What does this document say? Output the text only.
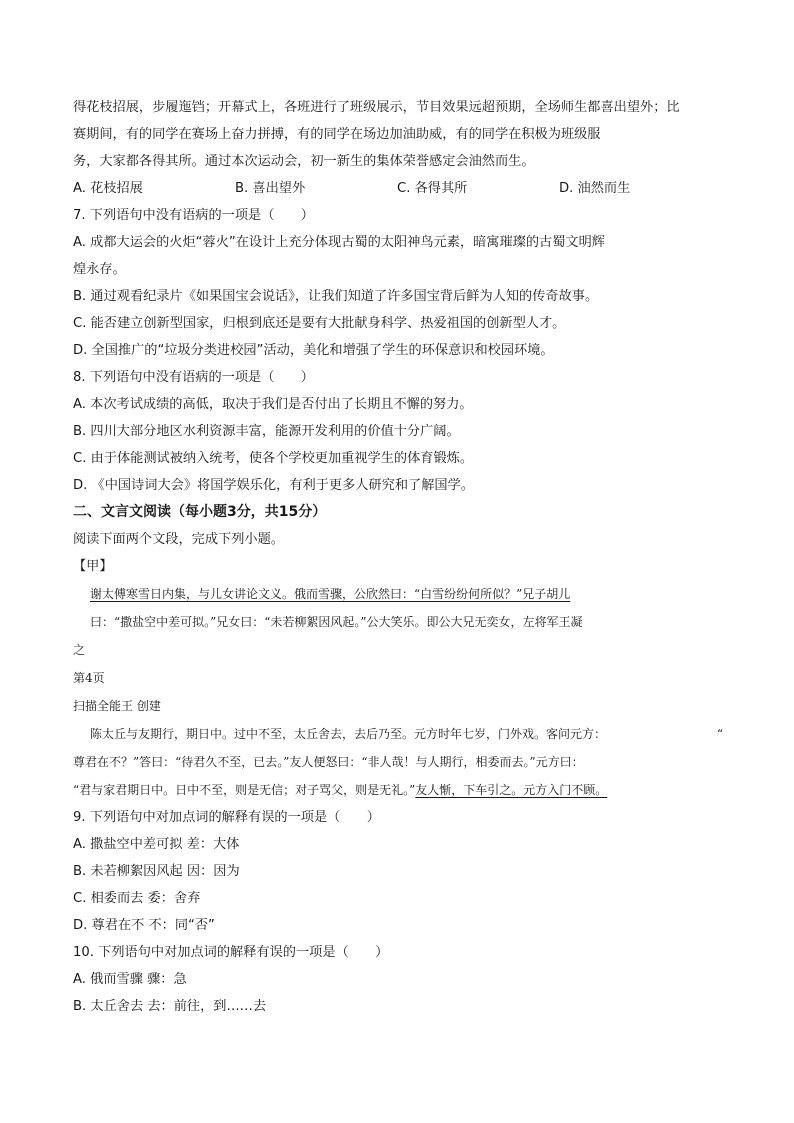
得花枝招展，步履迤铛；开幕式上，各班进行了班级展示，节目效果远超预期，全场师生都喜出望外；比
赛期间，有的同学在赛场上奋力拼搏，有的同学在场边加油助威，有的同学在积极为班级服
务，大家都各得其所。通过本次运动会，初一新生的集体荣誉感定会油然而生。
A. 花枝招展	B. 喜出望外	C. 各得其所	D. 油然而生
7. 下列语句中没有语病的一项是（　　）
A. 成都大运会的火炬“蓉火”在设计上充分体现古蜀的太阳神鸟元素，暗寓璀璨的古蜀文明辉
煌永存。
B. 通过观看纪录片《如果国宝会说话》，让我们知道了许多国宝背后鲜为人知的传奇故事。
C. 能否建立创新型国家，归根到底还是要有大批献身科学、热爱祖国的创新型人才。
D. 全国推广的“垃圾分类进校园”活动，美化和增强了学生的环保意识和校园环境。
8. 下列语句中没有语病的一项是（　　）
A. 本次考试成绩的高低，取决于我们是否付出了长期且不懈的努力。
B. 四川大部分地区水利资源丰富，能源开发利用的价值十分广阔。
C. 由于体能测试被纳入统考，使各个学校更加重视学生的体育锻炼。
D. 《中国诗词大会》将国学娱乐化，有利于更多人研究和了解国学。
二、文言文阅读（每小题3分，共15分）
阅读下面两个文段，完成下列小题。
【甲】
谢太傅寒雪日内集，与儿女讲论文义。俄而雪骤，公欣然曰：“白雪纷纷何所似？”兄子胡儿
曰：“撒盐空中差可拟。”兄女曰：“未若柳絮因风起。”公大笑乐。即公大兄无奕女，左将军王凝
之
第4页
扫描全能王 创建
陈太丘与友期行，期日中。过中不至，太丘舍去，去后乃至。元方时年七岁，门外戏。客问元方：	“
尊君在不？”答曰：“待君久不至，已去。”友人便怒曰：“非人哉！与人期行，相委而去。”元方曰：
“君与家君期日中。日中不至，则是无信；对子骂父，则是无礼。”友人惭，下车引之。元方入门不顾。
9. 下列语句中对加点词的解释有误的一项是（　　）
A. 撒盐空中差可拟 差：大体
B. 未若柳絮因风起 因：因为
C. 相委而去 委：舍弃
D. 尊君在不 不：同“否”
10. 下列语句中对加点词的解释有误的一项是（　　）
A. 俄而雪骤 骤：急
B. 太丘舍去 去：前往，到……去
